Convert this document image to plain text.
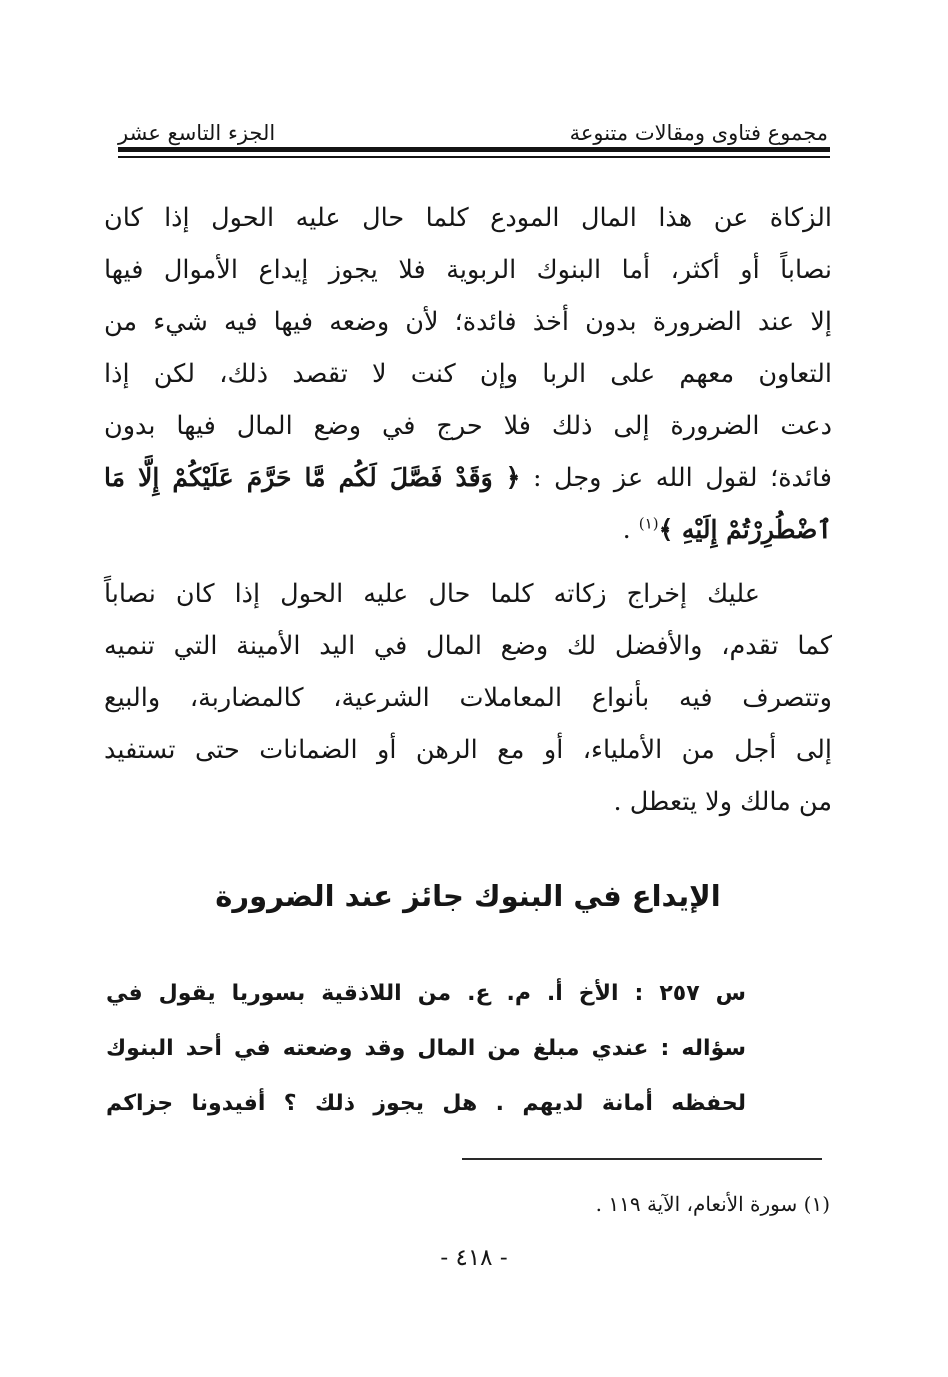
مجموع فتاوى ومقالات متنوعة
الجزء التاسع عشر
الزكاة عن هذا المال المودع كلما حال عليه الحول إذا كان
نصاباً أو أكثر، أما البنوك الربوية فلا يجوز إيداع الأموال فيها
إلا عند الضرورة بدون أخذ فائدة؛ لأن وضعه فيها فيه شيء من
التعاون معهم على الربا وإن كنت لا تقصد ذلك، لكن إذا
دعت الضرورة إلى ذلك فلا حرج في وضع المال فيها بدون
فائدة؛ لقول الله عز وجل : ﴿ وَقَدْ فَصَّلَ لَكُم مَّا حَرَّمَ عَلَيْكُمْ إِلَّا مَا
ٱضْطُرِرْتُمْ إِلَيْهِ ﴾$^{(١)}$ .
عليك إخراج زكاته كلما حال عليه الحول إذا كان نصاباً
كما تقدم، والأفضل لك وضع المال في اليد الأمينة التي تنميه
وتتصرف فيه بأنواع المعاملات الشرعية، كالمضاربة، والبيع
إلى أجل من الأملياء، أو مع الرهن أو الضمانات حتى تستفيد
من مالك ولا يتعطل .
الإيداع في البنوك جائز عند الضرورة
س ٢٥٧ : الأخ أ. م. ع. من اللاذقية بسوريا يقول في
سؤاله : عندي مبلغ من المال وقد وضعته في أحد البنوك
لحفظه أمانة لديهم . هل يجوز ذلك ؟ أفيدونا جزاكم
(١) سورة الأنعام، الآية ١١٩ .
- ٤١٨ -
